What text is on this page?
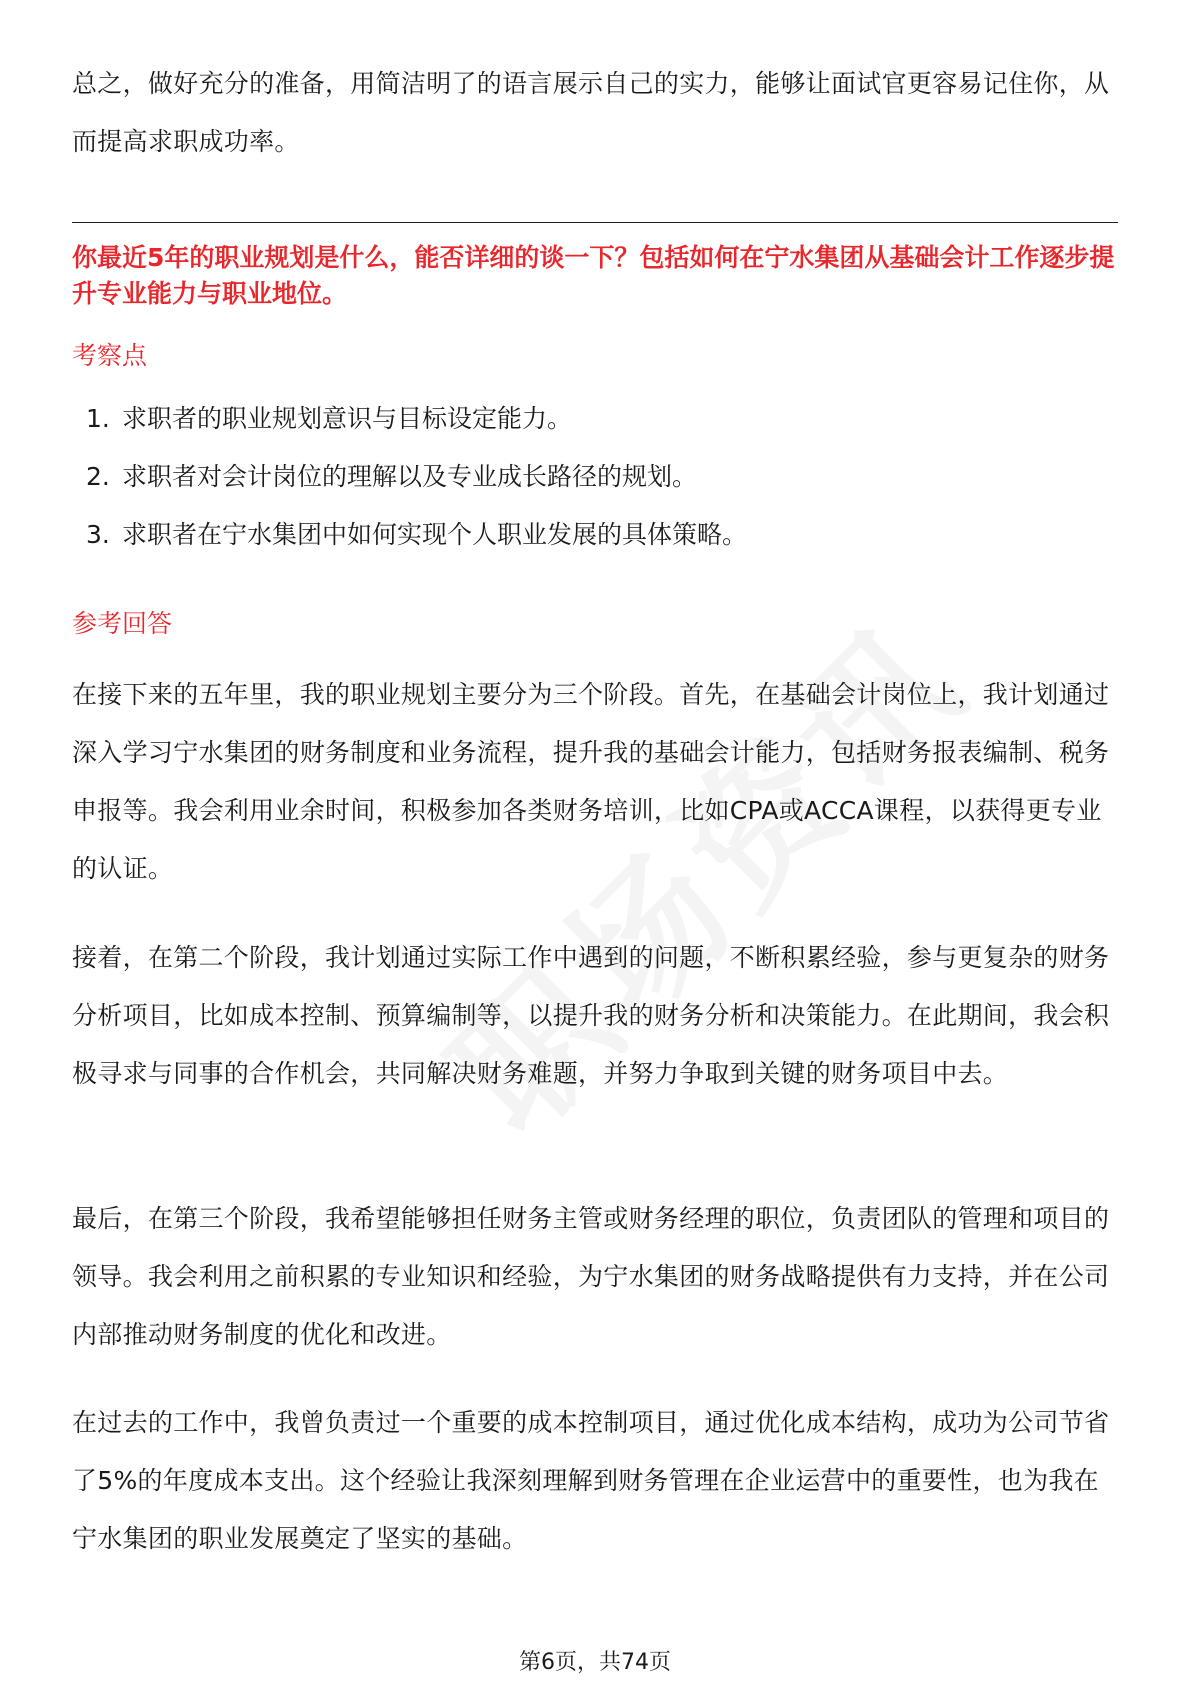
总之，做好充分的准备，用简洁明了的语言展示自己的实力，能够让面试官更容易记住你，从而提高求职成功率。

你最近5年的职业规划是什么，能否详细的谈一下？包括如何在宁水集团从基础会计工作逐步提升专业能力与职业地位。

考察点

1. 求职者的职业规划意识与目标设定能力。
2. 求职者对会计岗位的理解以及专业成长路径的规划。
3. 求职者在宁水集团中如何实现个人职业发展的具体策略。

参考回答

在接下来的五年里，我的职业规划主要分为三个阶段。首先，在基础会计岗位上，我计划通过深入学习宁水集团的财务制度和业务流程，提升我的基础会计能力，包括财务报表编制、税务申报等。我会利用业余时间，积极参加各类财务培训，比如CPA或ACCA课程，以获得更专业的认证。

接着，在第二个阶段，我计划通过实际工作中遇到的问题，不断积累经验，参与更复杂的财务分析项目，比如成本控制、预算编制等，以提升我的财务分析和决策能力。在此期间，我会积极寻求与同事的合作机会，共同解决财务难题，并努力争取到关键的财务项目中去。

最后，在第三个阶段，我希望能够担任财务主管或财务经理的职位，负责团队的管理和项目的领导。我会利用之前积累的专业知识和经验，为宁水集团的财务战略提供有力支持，并在公司内部推动财务制度的优化和改进。

在过去的工作中，我曾负责过一个重要的成本控制项目，通过优化成本结构，成功为公司节省了5%的年度成本支出。这个经验让我深刻理解到财务管理在企业运营中的重要性，也为我在宁水集团的职业发展奠定了坚实的基础。

第6页，共74页
